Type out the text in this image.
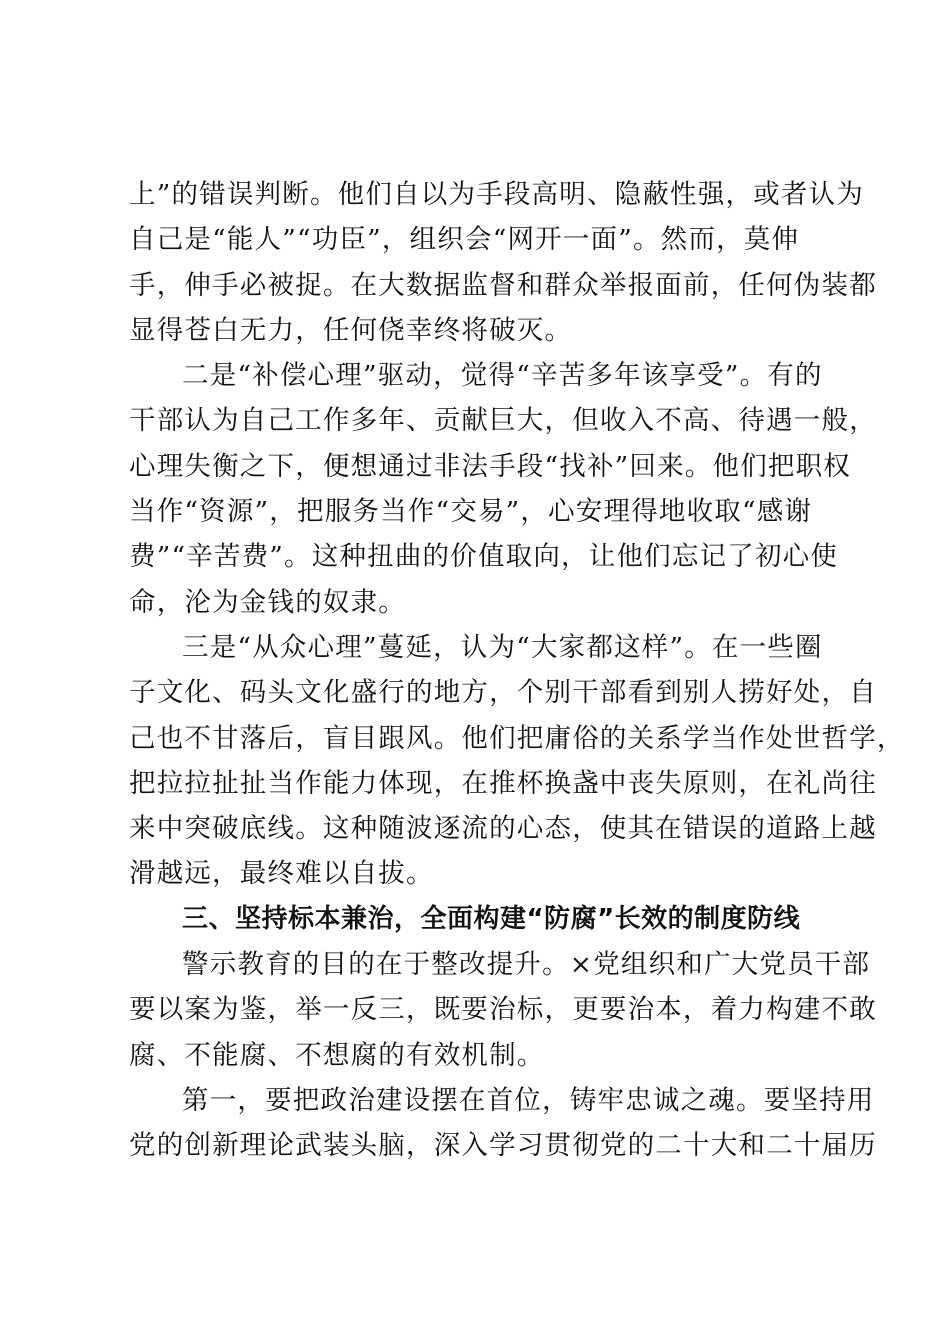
上”的错误判断。他们自以为手段高明、隐蔽性强，或者认为
自己是“能人”“功臣”，组织会“网开一面”。然而，莫伸
手，伸手必被捉。在大数据监督和群众举报面前，任何伪装都
显得苍白无力，任何侥幸终将破灭。
二是“补偿心理”驱动，觉得“辛苦多年该享受”。有的
干部认为自己工作多年、贡献巨大，但收入不高、待遇一般，
心理失衡之下，便想通过非法手段“找补”回来。他们把职权
当作“资源”，把服务当作“交易”，心安理得地收取“感谢
费”“辛苦费”。这种扭曲的价值取向，让他们忘记了初心使
命，沦为金钱的奴隶。
三是“从众心理”蔓延，认为“大家都这样”。在一些圈
子文化、码头文化盛行的地方，个别干部看到别人捞好处，自
己也不甘落后，盲目跟风。他们把庸俗的关系学当作处世哲学，
把拉拉扯扯当作能力体现，在推杯换盏中丧失原则，在礼尚往
来中突破底线。这种随波逐流的心态，使其在错误的道路上越
滑越远，最终难以自拔。
三、坚持标本兼治，全面构建“防腐”长效的制度防线
警示教育的目的在于整改提升。×党组织和广大党员干部
要以案为鉴，举一反三，既要治标，更要治本，着力构建不敢
腐、不能腐、不想腐的有效机制。
第一，要把政治建设摆在首位，铸牢忠诚之魂。要坚持用
党的创新理论武装头脑，深入学习贯彻党的二十大和二十届历
